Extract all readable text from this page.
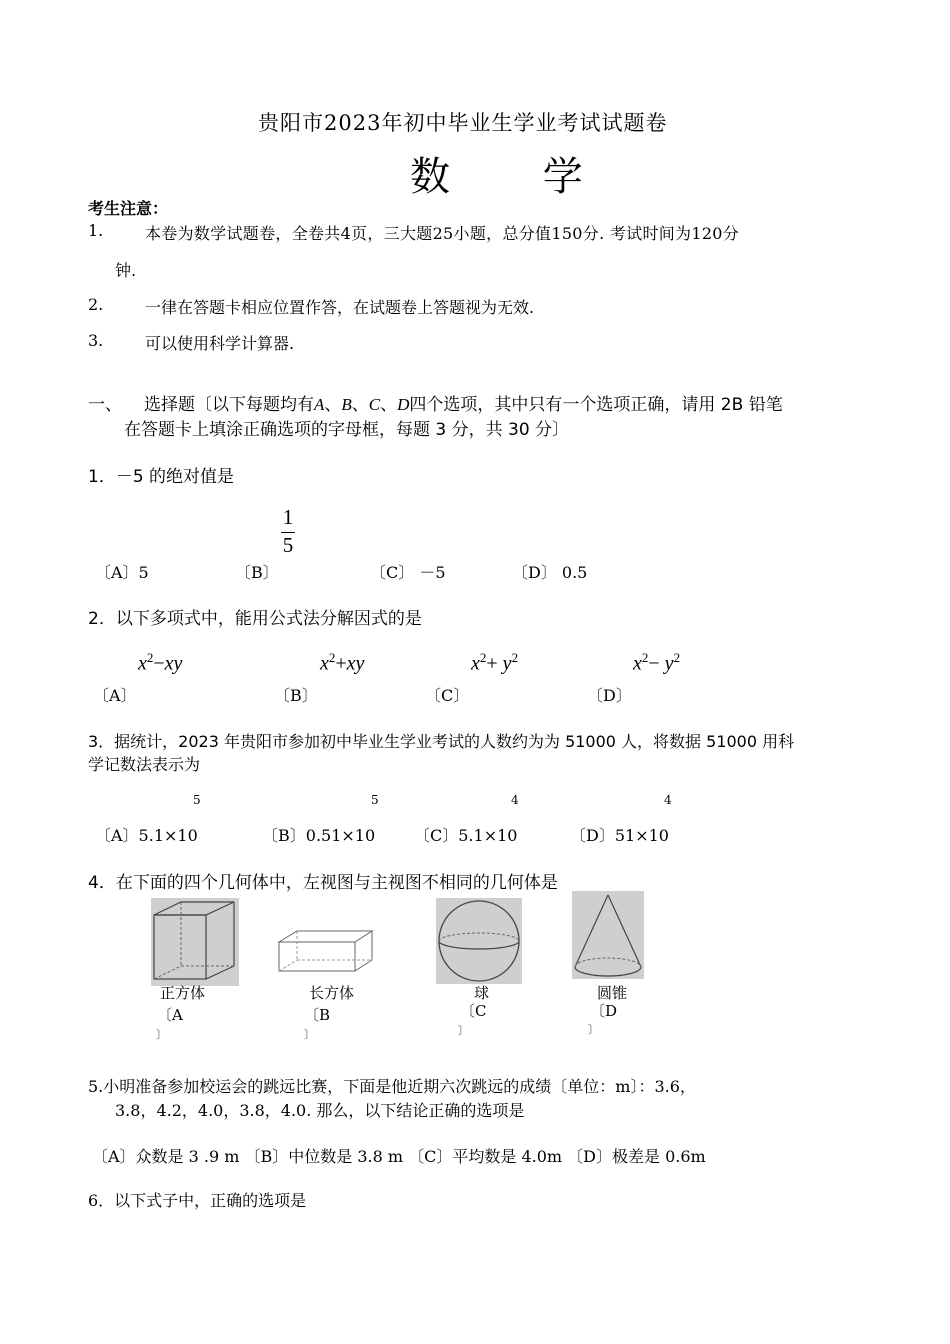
贵阳市2023年初中毕业生学业考试试题卷
数 学
考生注意：
1.	本卷为数学试题卷，全卷共4页，三大题25小题，总分值150分. 考试时间为120分
钟.
2.	一律在答题卡相应位置作答，在试题卷上答题视为无效.
3.	可以使用科学计算器.
一、 选择题〔以下每题均有A、B、C、D四个选项，其中只有一个选项正确，请用 2B 铅笔
在答题卡上填涂正确选项的字母框，每题 3 分，共 30 分〕
1．－5 的绝对值是
1
5
〔A〕5	〔B〕	〔C〕 －5	〔D〕 0.5
2．以下多项式中，能用公式法分解因式的是
$x^2-xy$	$x^2+xy$	$x^2+ y^2$	$x^2- y^2$
〔A〕	〔B〕	〔C〕	〔D〕
3．据统计，2023 年贵阳市参加初中毕业生学业考试的人数约为为 51000 人，将数据 51000 用科
学记数法表示为
5	5	4	4
〔A〕5.1×10	〔B〕0.51×10 〔C〕5.1×10	〔D〕51×10
4．在下面的四个几何体中，左视图与主视图不相同的几何体是
正方体
〔A
〕
长方体
〔B
〕
球
〔C
〕
圆锥
〔D
〕
5.小明准备参加校运会的跳远比赛，下面是他近期六次跳远的成绩〔单位：m〕：3.6，
3.8，4.2，4.0，3.8，4.0. 那么，以下结论正确的选项是
〔A〕众数是 3 .9 m 〔B〕中位数是 3.8 m 〔C〕平均数是 4.0m 〔D〕极差是 0.6m
6．以下式子中，正确的选项是
